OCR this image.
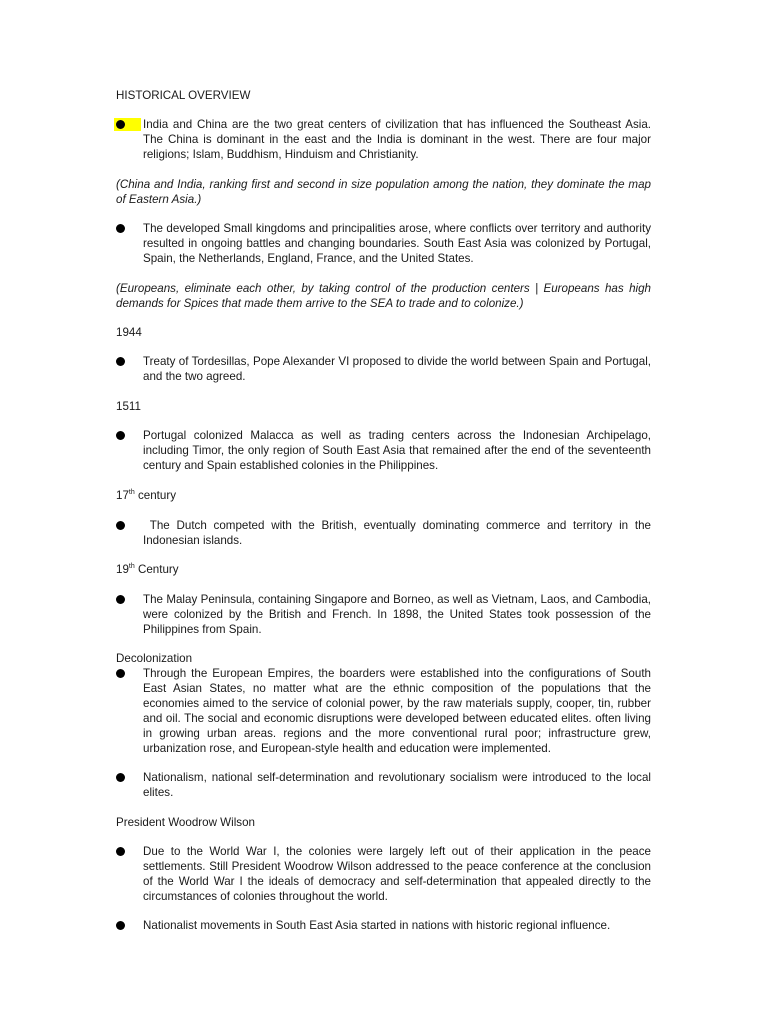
HISTORICAL OVERVIEW

India and China are the two great centers of civilization that has influenced the Southeast Asia. The China is dominant in the east and the India is dominant in the west. There are four major religions; Islam, Buddhism, Hinduism and Christianity.

(China and India, ranking first and second in size population among the nation, they dominate the map of Eastern Asia.)

The developed Small kingdoms and principalities arose, where conflicts over territory and authority resulted in ongoing battles and changing boundaries. South East Asia was colonized by Portugal, Spain, the Netherlands, England, France, and the United States.

(Europeans, eliminate each other, by taking control of the production centers | Europeans has high demands for Spices that made them arrive to the SEA to trade and to colonize.)

1944

Treaty of Tordesillas, Pope Alexander VI proposed to divide the world between Spain and Portugal, and the two agreed.

1511

Portugal colonized Malacca as well as trading centers across the Indonesian Archipelago, including Timor, the only region of South East Asia that remained after the end of the seventeenth century and Spain established colonies in the Philippines.

17th century

The Dutch competed with the British, eventually dominating commerce and territory in the Indonesian islands.

19th Century

The Malay Peninsula, containing Singapore and Borneo, as well as Vietnam, Laos, and Cambodia, were colonized by the British and French. In 1898, the United States took possession of the Philippines from Spain.

Decolonization

Through the European Empires, the boarders were established into the configurations of South East Asian States, no matter what are the ethnic composition of the populations that the economies aimed to the service of colonial power, by the raw materials supply, cooper, tin, rubber and oil. The social and economic disruptions were developed between educated elites. often living in growing urban areas. regions and the more conventional rural poor; infrastructure grew, urbanization rose, and European-style health and education were implemented.

Nationalism, national self-determination and revolutionary socialism were introduced to the local elites.

President Woodrow Wilson

Due to the World War I, the colonies were largely left out of their application in the peace settlements. Still President Woodrow Wilson addressed to the peace conference at the conclusion of the World War I the ideals of democracy and self-determination that appealed directly to the circumstances of colonies throughout the world.

Nationalist movements in South East Asia started in nations with historic regional influence.
